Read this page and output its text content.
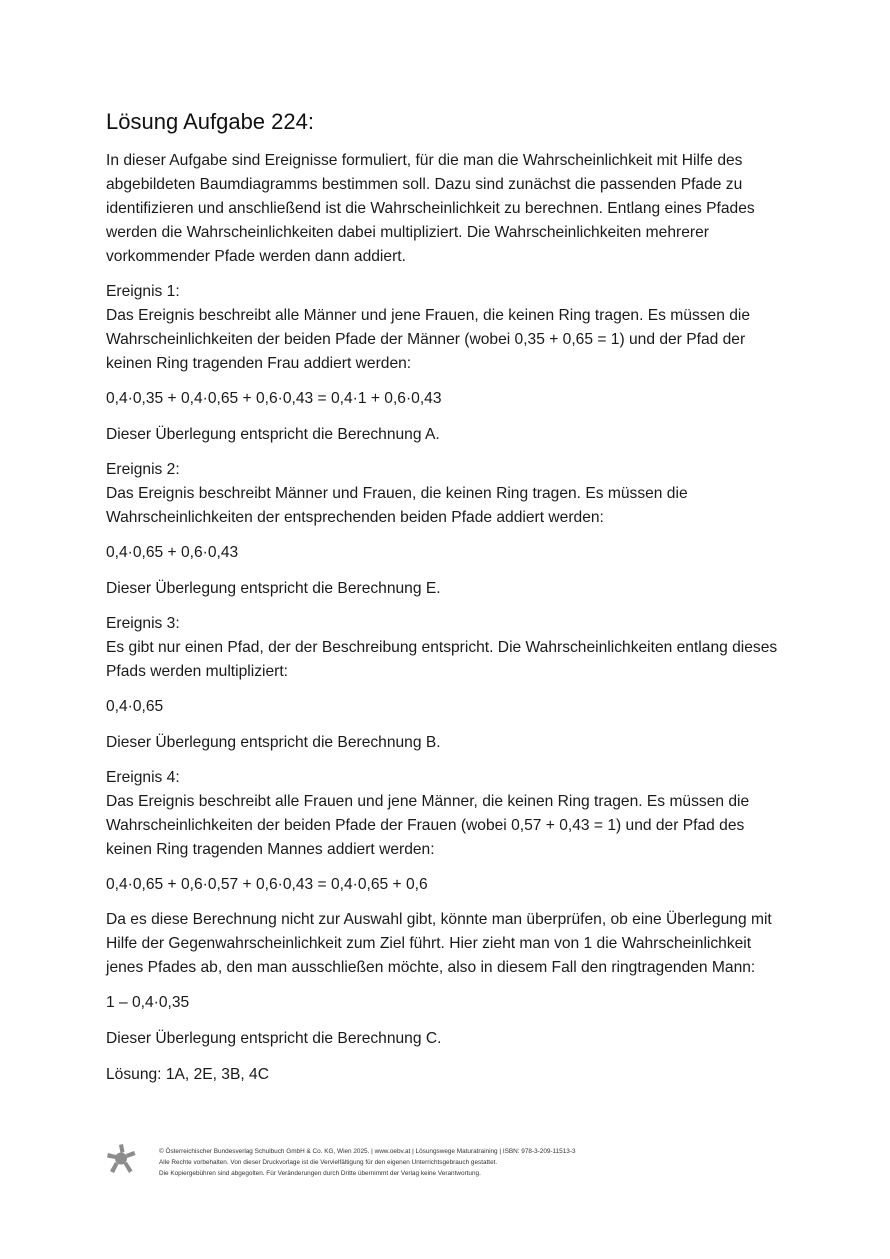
Lösung Aufgabe 224:

In dieser Aufgabe sind Ereignisse formuliert, für die man die Wahrscheinlichkeit mit Hilfe des abgebildeten Baumdiagramms bestimmen soll. Dazu sind zunächst die passenden Pfade zu identifizieren und anschließend ist die Wahrscheinlichkeit zu berechnen. Entlang eines Pfades werden die Wahrscheinlichkeiten dabei multipliziert. Die Wahrscheinlichkeiten mehrerer vorkommender Pfade werden dann addiert.

Ereignis 1:
Das Ereignis beschreibt alle Männer und jene Frauen, die keinen Ring tragen. Es müssen die Wahrscheinlichkeiten der beiden Pfade der Männer (wobei 0,35 + 0,65 = 1) und der Pfad der keinen Ring tragenden Frau addiert werden:

0,4·0,35 + 0,4·0,65 + 0,6·0,43 = 0,4·1 + 0,6·0,43

Dieser Überlegung entspricht die Berechnung A.

Ereignis 2:
Das Ereignis beschreibt Männer und Frauen, die keinen Ring tragen. Es müssen die Wahrscheinlichkeiten der entsprechenden beiden Pfade addiert werden:

0,4·0,65 + 0,6·0,43

Dieser Überlegung entspricht die Berechnung E.

Ereignis 3:
Es gibt nur einen Pfad, der der Beschreibung entspricht. Die Wahrscheinlichkeiten entlang dieses Pfads werden multipliziert:

0,4·0,65

Dieser Überlegung entspricht die Berechnung B.

Ereignis 4:
Das Ereignis beschreibt alle Frauen und jene Männer, die keinen Ring tragen. Es müssen die Wahrscheinlichkeiten der beiden Pfade der Frauen (wobei 0,57 + 0,43 = 1) und der Pfad des keinen Ring tragenden Mannes addiert werden:

0,4·0,65 + 0,6·0,57 + 0,6·0,43 = 0,4·0,65 + 0,6

Da es diese Berechnung nicht zur Auswahl gibt, könnte man überprüfen, ob eine Überlegung mit Hilfe der Gegenwahrscheinlichkeit zum Ziel führt. Hier zieht man von 1 die Wahrscheinlichkeit jenes Pfades ab, den man ausschließen möchte, also in diesem Fall den ringtragenden Mann:

1 – 0,4·0,35

Dieser Überlegung entspricht die Berechnung C.

Lösung: 1A, 2E, 3B, 4C

© Österreichischer Bundesverlag Schulbuch GmbH & Co. KG, Wien 2025. | www.oebv.at | Lösungswege Maturatraining | ISBN: 978-3-209-11513-3
Alle Rechte vorbehalten. Von dieser Druckvorlage ist die Vervielfältigung für den eigenen Unterrichtsgebrauch gestattet.
Die Kopiergebühren sind abgegolten. Für Veränderungen durch Dritte übernimmt der Verlag keine Verantwortung.
